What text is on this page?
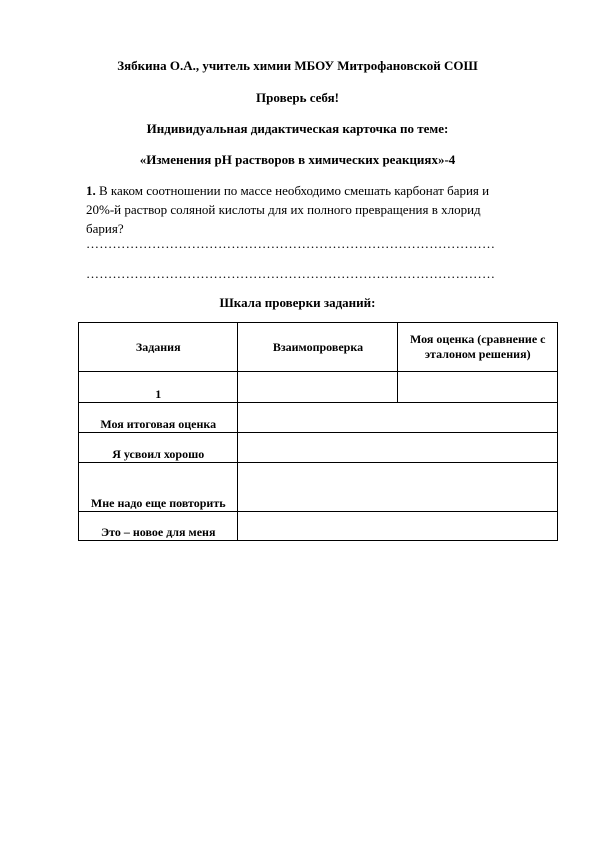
Зябкина О.А., учитель химии МБОУ Митрофановской СОШ
Проверь себя!
Индивидуальная дидактическая карточка по теме:
«Изменения рН растворов в химических реакциях»-4
1. В каком соотношении по массе необходимо смешать карбонат бария и 20%-й раствор соляной кислоты для их полного превращения в хлорид бария?
…………………………………………………………………………………
…………………………………………………………………………………
Шкала проверки заданий:
Задания	Взаимопроверка	Моя оценка (сравнение с эталоном решения)
1		
Моя итоговая оценка		
Я усвоил хорошо		
Мне надо еще повторить		
Это – новое для меня		
